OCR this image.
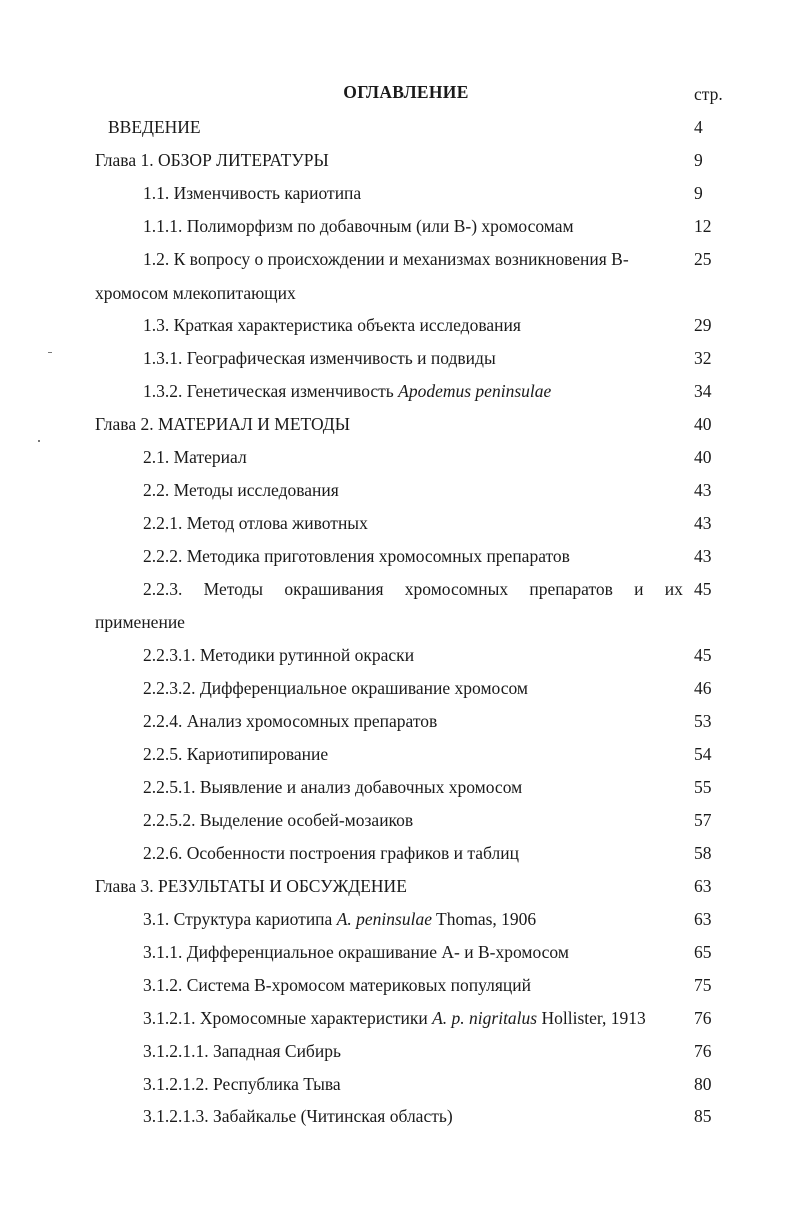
ОГЛАВЛЕНИЕ	стр.
ВВЕДЕНИЕ	4
Глава 1. ОБЗОР ЛИТЕРАТУРЫ	9
1.1. Изменчивость кариотипа	9
1.1.1. Полиморфизм по добавочным (или В-) хромосомам	12
1.2. К вопросу о происхождении и механизмах возникновения В-	25
хромосом млекопитающих
1.3. Краткая характеристика объекта исследования	29
1.3.1. Географическая изменчивость и подвиды	32
1.3.2. Генетическая изменчивость Apodemus peninsulae	34
Глава 2. МАТЕРИАЛ И МЕТОДЫ	40
2.1. Материал	40
2.2. Методы исследования	43
2.2.1. Метод отлова животных	43
2.2.2. Методика приготовления хромосомных препаратов	43
2.2.3. Методы окрашивания хромосомных препаратов и их 45
применение
2.2.3.1. Методики рутинной окраски	45
2.2.3.2. Дифференциальное окрашивание хромосом	46
2.2.4. Анализ хромосомных препаратов	53
2.2.5. Кариотипирование	54
2.2.5.1. Выявление и анализ добавочных хромосом	55
2.2.5.2. Выделение особей-мозаиков	57
2.2.6. Особенности построения графиков и таблиц	58
Глава 3. РЕЗУЛЬТАТЫ И ОБСУЖДЕНИЕ	63
3.1. Структура кариотипа A. peninsulae Thomas, 1906	63
3.1.1. Дифференциальное окрашивание А- и В-хромосом	65
3.1.2. Система В-хромосом материковых популяций	75
3.1.2.1. Хромосомные характеристики A. p. nigritalus Hollister, 1913	76
3.1.2.1.1. Западная Сибирь	76
3.1.2.1.2. Республика Тыва	80
3.1.2.1.3. Забайкалье (Читинская область)	85
